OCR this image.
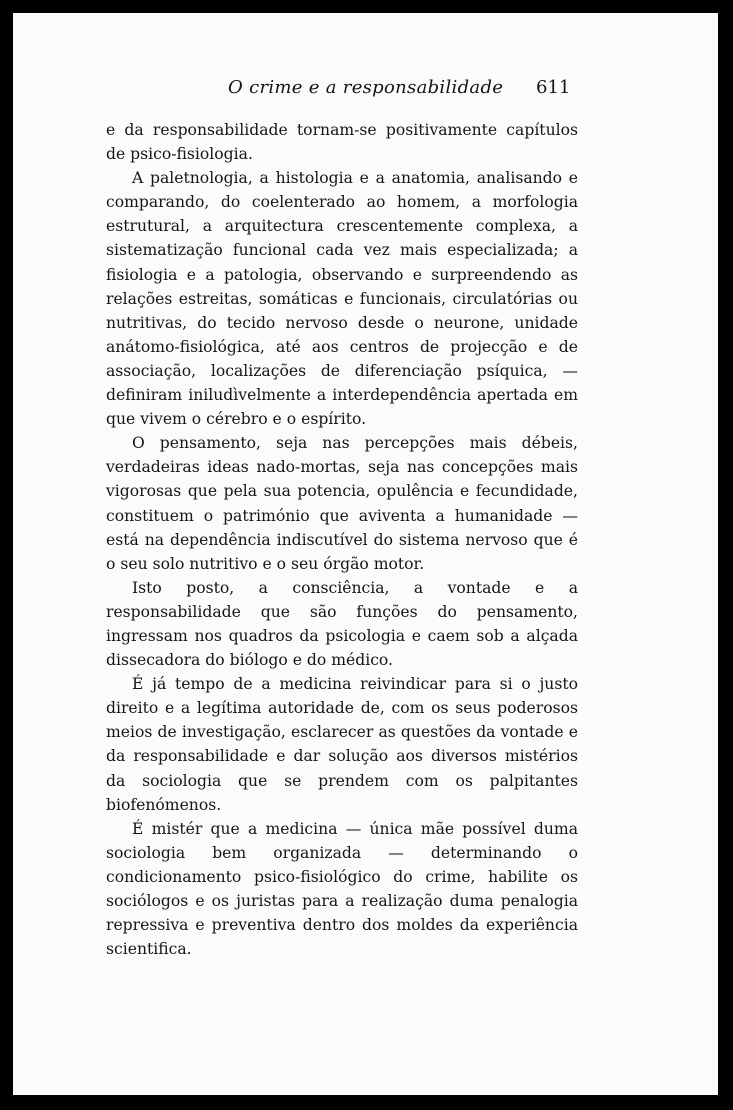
O crime e a responsabilidade 611

e da responsabilidade tornam-se positivamente capítulos de psico-fisiologia.

A paletnologia, a histologia e a anatomia, analisando e comparando, do coelenterado ao homem, a morfologia estrutural, a arquitectura crescentemente complexa, a sistematização funcional cada vez mais especializada; a fisiologia e a patologia, observando e surpreendendo as relações estreitas, somáticas e funcionais, circulatórias ou nutritivas, do tecido nervoso desde o neurone, unidade anátomo-fisiológica, até aos centros de projecção e de associação, localizações de diferenciação psíquica, — definiram iniludìvelmente a interdependência apertada em que vivem o cérebro e o espírito.

O pensamento, seja nas percepções mais débeis, verdadeiras ideas nado-mortas, seja nas concepções mais vigorosas que pela sua potencia, opulência e fecundidade, constituem o património que aviventa a humanidade — está na dependência indiscutível do sistema nervoso que é o seu solo nutritivo e o seu órgão motor.

Isto posto, a consciência, a vontade e a responsabilidade que são funções do pensamento, ingressam nos quadros da psicologia e caem sob a alçada dissecadora do biólogo e do médico.

É já tempo de a medicina reivindicar para si o justo direito e a legítima autoridade de, com os seus poderosos meios de investigação, esclarecer as questões da vontade e da responsabilidade e dar solução aos diversos mistérios da sociologia que se prendem com os palpitantes biofenómenos.

É mistér que a medicina — única mãe possível duma sociologia bem organizada — determinando o condicionamento psico-fisiológico do crime, habilite os sociólogos e os juristas para a realização duma penalogia repressiva e preventiva dentro dos moldes da experiência scientifica.
